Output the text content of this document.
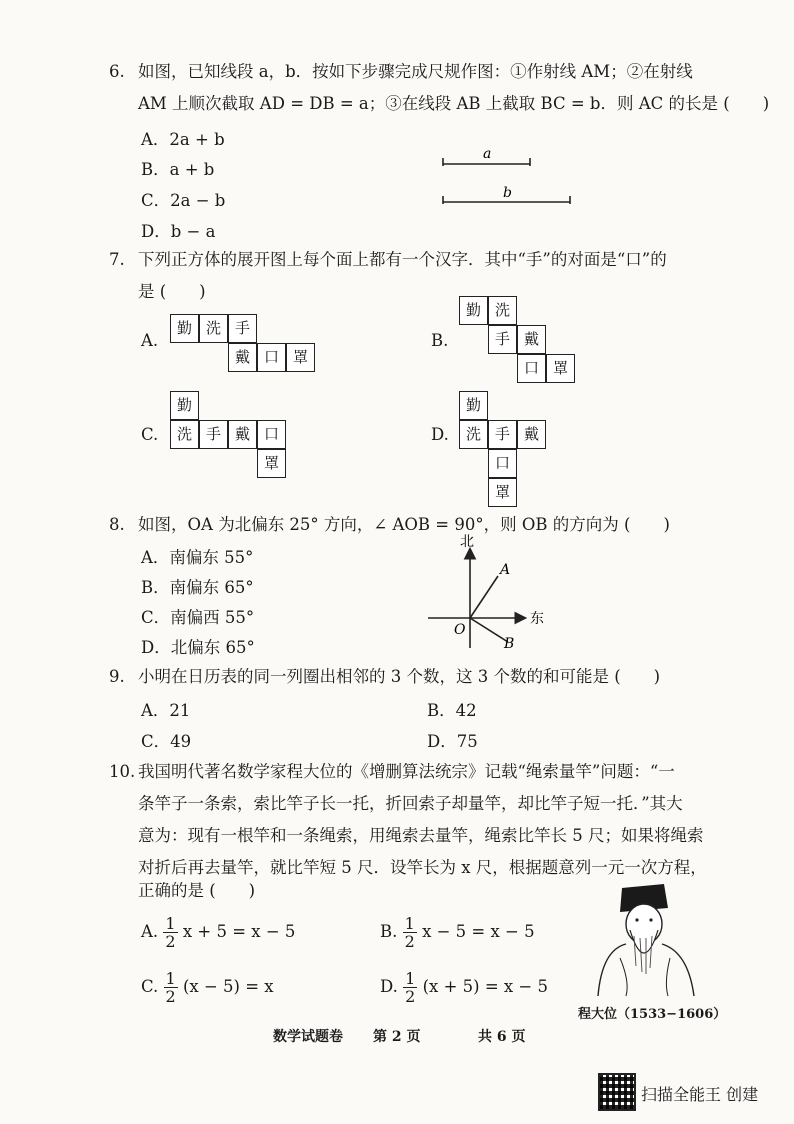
6. 如图，已知线段 a，b．按如下步骤完成尺规作图：①作射线 AM；②在射线
AM 上顺次截取 AD = DB = a；③在线段 AB 上截取 BC = b．则 AC 的长是 (　　)
A．2a + b
B．a + b
C．2a − b
D．b − a
a
b
7. 下列正方体的展开图上每个面上都有一个汉字．其中“手”的对面是“口”的
是 (　　)
A.
勤 洗 手
戴 口 罩
B.
勤 洗
手 戴
口 罩
C.
勤
洗 手 戴 口
罩
D.
勤
洗 手 戴
口
罩
8. 如图，OA 为北偏东 25° 方向，∠ AOB = 90°，则 OB 的方向为 (　　)
A．南偏东 55°
B．南偏东 65°
C．南偏西 55°
D．北偏东 65°
北
东
A
B
O
9. 小明在日历表的同一列圈出相邻的 3 个数，这 3 个数的和可能是 (　　)
A．21	B．42
C．49	D．75
10. 我国明代著名数学家程大位的《增删算法统宗》记载“绳索量竿”问题：“一
条竿子一条索，索比竿子长一托，折回索子却量竿，却比竿子短一托．”其大
意为：现有一根竿和一条绳索，用绳索去量竿，绳索比竿长 5 尺；如果将绳索
对折后再去量竿，就比竿短 5 尺．设竿长为 x 尺，根据题意列一元一次方程，
正确的是 (　　)
A. $\frac{1}{2}$ x + 5 = x − 5	B. $\frac{1}{2}$ x − 5 = x − 5
C. $\frac{1}{2} (x - 5) = x$	D. $\frac{1}{2} (x + 5) = x - 5$
程大位（1533−1606）
数学试题卷 第 2 页	共 6 页
扫描全能王 创建
